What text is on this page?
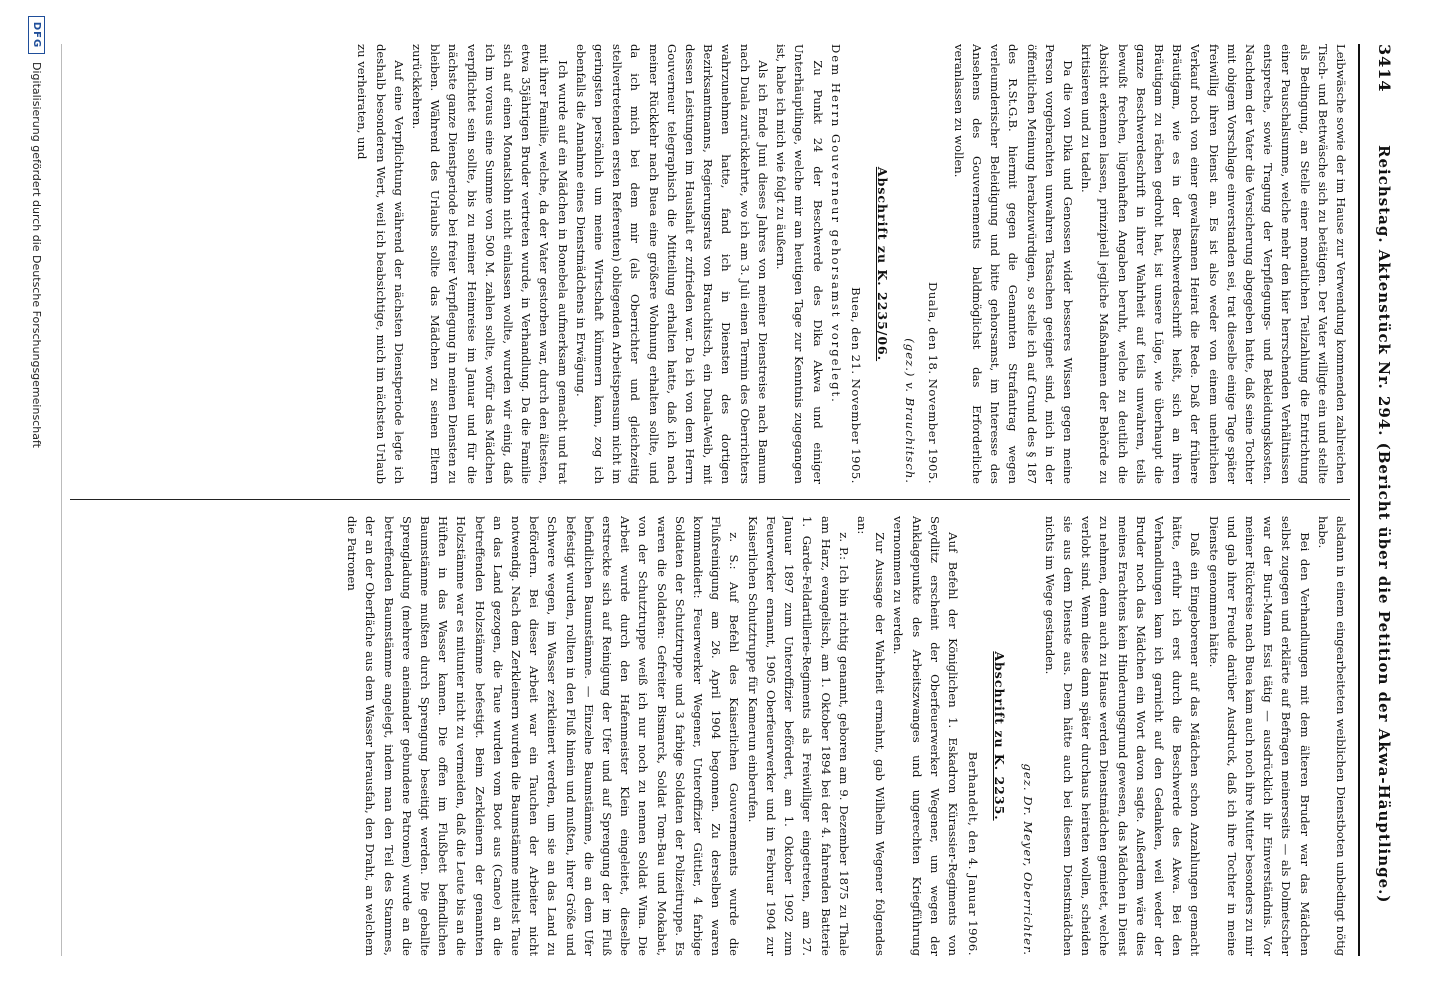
3414
Reichstag. Aktenstück Nr. 294. (Bericht über die Petition der Akwa-Häuptlinge.)

Leibwäsche sowie der im Hause zur Verwendung kommenden zahlreichen Tisch- und Bettwäsche sich zu betätigen. Der Vater willigte ein und stellte als Bedingung, an Stelle einer monatlichen Teilzahlung die Entrichtung einer Pauschalsumme, welche mehr den hier herrschenden Verhältnissen entspreche, sowie Tragung der Verpflegungs- und Bekleidungskosten. Nachdem der Vater die Versicherung abgegeben hatte, daß seine Tochter mit obigem Vorschlage einverstanden sei, trat dieselbe einige Tage später freiwillig ihren Dienst an. Es ist also weder von einem unehrlichen Verkauf noch von einer gewaltsamen Heirat die Rede. Daß der frühere Bräutigam, wie es in der Beschwerdeschrift heißt, sich an ihren Bräutigam zu rächen gedroht hat, ist unsere Lüge, wie überhaupt die ganze Beschwerdeschrift in ihrer Wahrheit auf teils unwahren, teils bewußt frechen, lügenhaften Angaben beruht, welche zu deutlich die Absicht erkennen lassen, prinzipiell jegliche Maßnahmen der Behörde zu kritisieren und zu tadeln.

Da die von Dika und Genossen wider besseres Wissen gegen meine Person vorgebrachten unwahren Tatsachen geeignet sind, mich in der öffentlichen Meinung herabzuwürdigen, so stelle ich auf Grund des § 187 des R.St.G.B. hiermit gegen die Genannten Strafantrag wegen verleumderischer Beleidigung und bitte gehorsamst, im Interesse des Ansehens des Gouvernements baldmöglichst das Erforderliche veranlassen zu wollen.

Duala, den 18. November 1905.

(gez.) v. Brauchitsch.

Abschrift zu K. 2235/06.

Buea, den 21. November 1905.

Dem Herrn Gouverneur gehorsamst vorgelegt.

Zu Punkt 24 der Beschwerde des Dika Akwa und einiger Unterhäuptlinge, welche mir am heutigen Tage zur Kenntnis zugegangen ist, habe ich mich wie folgt zu äußern.

Als ich Ende Juni dieses Jahres von meiner Dienstreise nach Bamum nach Duala zurückkehrte, wo ich am 3. Juli einen Termin des Oberrichters wahrzunehmen hatte, fand ich in Diensten des dortigen Bezirksamtmanns, Regierungsrats von Brauchitsch, ein Duala-Weib, mit dessen Leistungen im Haushalt er zufrieden war. Da ich von dem Herrn Gouverneur telegraphisch die Mitteilung erhalten hatte, daß ich nach meiner Rückkehr nach Buea eine größere Wohnung erhalten sollte, und da ich mich bei dem mir (als Oberrichter und gleichzeitig stellvertretenden ersten Referenten) obliegenden Arbeitspensum nicht im geringsten persönlich um meine Wirtschaft kümmern kann, zog ich ebenfalls die Annahme eines Dienstmädchens in Erwägung.

Ich wurde auf ein Mädchen in Bonebela aufmerksam gemacht und trat mit ihrer Familie, welche, da der Vater gestorben war, durch den ältesten, etwa 35jährigen Bruder vertreten wurde, in Verhandlung. Da die Familie sich auf einen Monatslohn nicht einlassen wollte, wurden wir einig, daß ich im voraus eine Summe von 500 M. zahlen sollte, wofür das Mädchen verpflichtet sein sollte, bis zu meiner Heimreise im Januar und für die nächste ganze Dienstperiode bei freier Verpflegung in meinen Diensten zu bleiben. Während des Urlaubs sollte das Mädchen zu seinen Eltern zurückkehren.

Auf eine Verpflichtung während der nächsten Dienstperiode legte ich deshalb besonderen Wert, weil ich beabsichtige, mich im nächsten Urlaub zu verheiraten, und

alsdann in einem eingearbeiteten weiblichen Dienstboten unbedingt nötig habe.

Bei den Verhandlungen mit dem älteren Bruder war das Mädchen selbst zugegen und erklärte auf Befragen meinerseits — als Dolmetscher war der Buri-Mann Essi tätig — ausdrücklich ihr Einverständnis. Vor meiner Rückreise nach Buea kam auch noch ihre Mutter besonders zu mir und gab ihrer Freude darüber Ausdruck, daß ich ihre Tochter in meine Dienste genommen hätte.

Daß ein Eingeborener auf das Mädchen schon Anzahlungen gemacht hätte, erfuhr ich erst durch die Beschwerde des Akwa. Bei den Verhandlungen kam ich garnicht auf den Gedanken, weil weder der Bruder noch das Mädchen ein Wort davon sagte. Außerdem wäre dies meines Erachtens kein Hinderungsgrund gewesen, das Mädchen in Dienst zu nehmen, denn auch zu Hause werden Dienstmädchen gemietet, welche verlobt sind. Wenn diese dann später durchaus heiraten wollen, scheiden sie aus dem Dienste aus. Dem hätte auch bei diesem Dienstmädchen nichts im Wege gestanden.

gez. Dr. Meyer, Oberrichter.

Abschrift zu K. 2235.

Berhandelt, den 4. Januar 1906.

Auf Befehl der Königlichen 1. Eskadron Kürassier-Regiments von Seydlitz erscheint der Oberfeuerwerker Wegener, um wegen der Anklagepunkte des Arbeitszwanges und ungerechten Kriegführung vernommen zu werden.

Zur Aussage der Wahrheit ermahnt, gab Wilhelm Wegener folgendes an:

z. P.: Ich bin richtig genannt, geboren am 9. Dezember 1875 zu Thale am Harz, evangelisch, am 1. Oktober 1894 bei der 4. fahrenden Batterie 1. Garde-Feldartillerie-Regiments als Freiwilliger eingetreten, am 27. Januar 1897 zum Unteroffizier befördert, am 1. Oktober 1902 zum Feuerwerker ernannt, 1905 Oberfeuerwerker und im Februar 1904 zur Kaiserlichen Schutztruppe für Kamerun einberufen.

z. S.: Auf Befehl des Kaiserlichen Gouvernements wurde die Flußreinigung am 26. April 1904 begonnen. Zu derselben waren kommandiert: Feuerwerker Wegener, Unteroffizier Güttler, 4 farbige Soldaten der Schutztruppe und 3 farbige Soldaten der Polizeitruppe. Es waren die Soldaten: Gefreiter Bismarck, Soldat Tom-Bau und Mokabat, von der Schutztruppe weiß ich nur noch zu nennen Soldat Wina. Die Arbeit wurde durch den Hafenmeister Klein eingeleitet, dieselbe erstreckte sich auf Reinigung der Ufer und auf Sprengung der im Fluß befindlichen Baumstämme. — Einzelne Baumstämme, die an dem Ufer befestigt wurden, rollten in den Fluß hinein und mußten, ihrer Größe und Schwere wegen, im Wasser zerkleinert werden, um sie an das Land zu befördern. Bei dieser Arbeit war ein Tauchen der Arbeiter nicht notwendig. Nach dem Zerkleinern wurden die Baumstämme mittelst Taue an das Land gezogen, die Taue wurden vom Boot aus (Canoe) an die betreffenden Holzstämme befestigt. Beim Zerkleinern der genannten Holzstämme war es mitunter nicht zu vermeiden, daß die Leute bis an die Hüften in das Wasser kamen. Die offen im Flußbett befindlichen Baumstämme mußten durch Sprengung beseitigt werden. Die geballte Sprengladung (mehrere aneinander gebundene Patronen) wurde an die betreffenden Baumstämme angelegt, indem man den Teil des Stammes, der an der Oberfläche aus dem Wasser herausfah, den Draht, an welchem die Patronen

DFG
Digitalisierung gefördert durch die Deutsche Forschungsgemeinschaft
